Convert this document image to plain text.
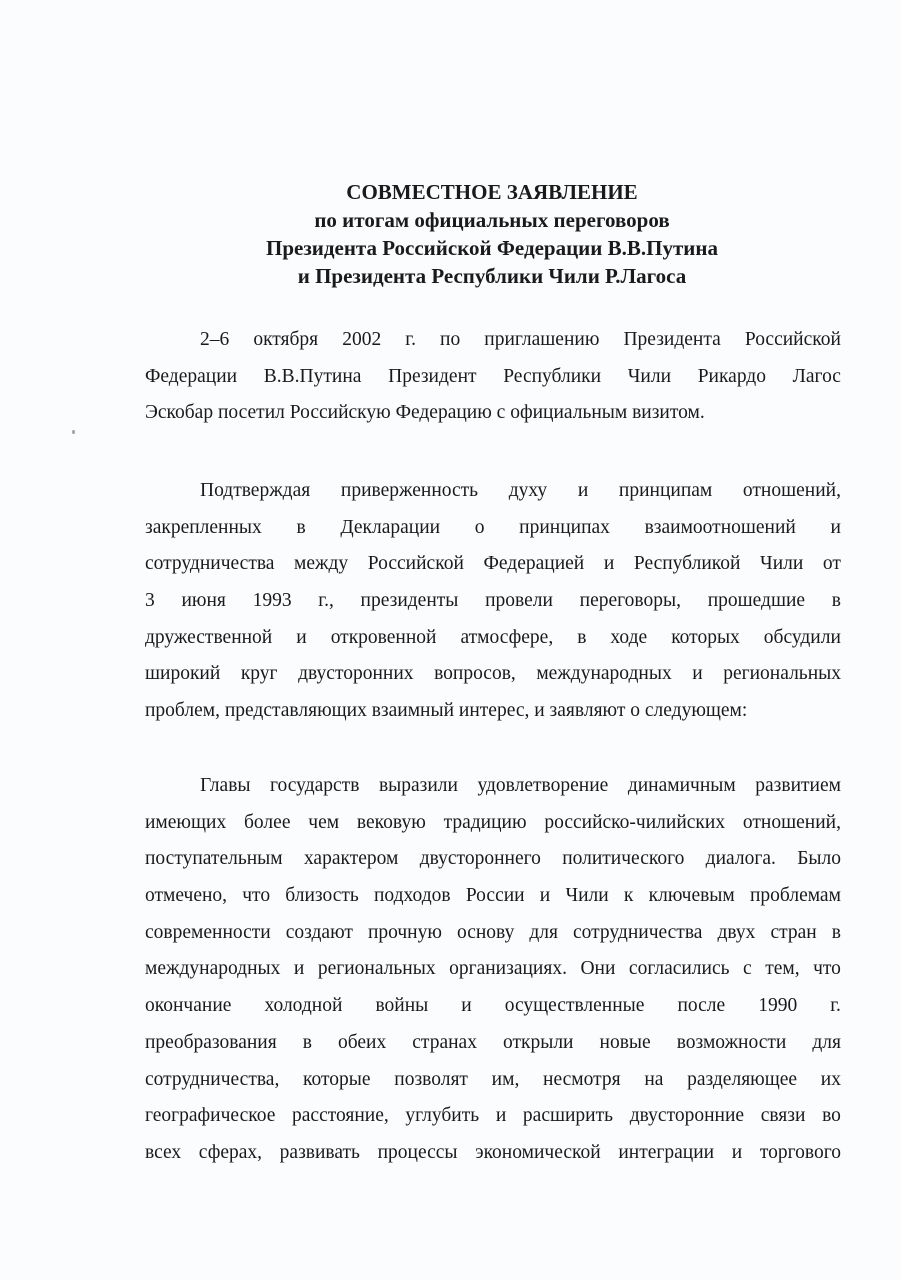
СОВМЕСТНОЕ ЗАЯВЛЕНИЕ
по итогам официальных переговоров
Президента Российской Федерации В.В.Путина
и Президента Республики Чили Р.Лагоса
2–6 октября 2002 г. по приглашению Президента Российской
Федерации В.В.Путина Президент Республики Чили Рикардо Лагос
Эскобар посетил Российскую Федерацию с официальным визитом.
Подтверждая приверженность духу и принципам отношений,
закрепленных в Декларации о принципах взаимоотношений и
сотрудничества между Российской Федерацией и Республикой Чили от
3 июня 1993 г., президенты провели переговоры, прошедшие в
дружественной и откровенной атмосфере, в ходе которых обсудили
широкий круг двусторонних вопросов, международных и региональных
проблем, представляющих взаимный интерес, и заявляют о следующем:
Главы государств выразили удовлетворение динамичным развитием
имеющих более чем вековую традицию российско-чилийских отношений,
поступательным характером двустороннего политического диалога. Было
отмечено, что близость подходов России и Чили к ключевым проблемам
современности создают прочную основу для сотрудничества двух стран в
международных и региональных организациях. Они согласились с тем, что
окончание холодной войны и осуществленные после 1990 г.
преобразования в обеих странах открыли новые возможности для
сотрудничества, которые позволят им, несмотря на разделяющее их
географическое расстояние, углубить и расширить двусторонние связи во
всех сферах, развивать процессы экономической интеграции и торгового
